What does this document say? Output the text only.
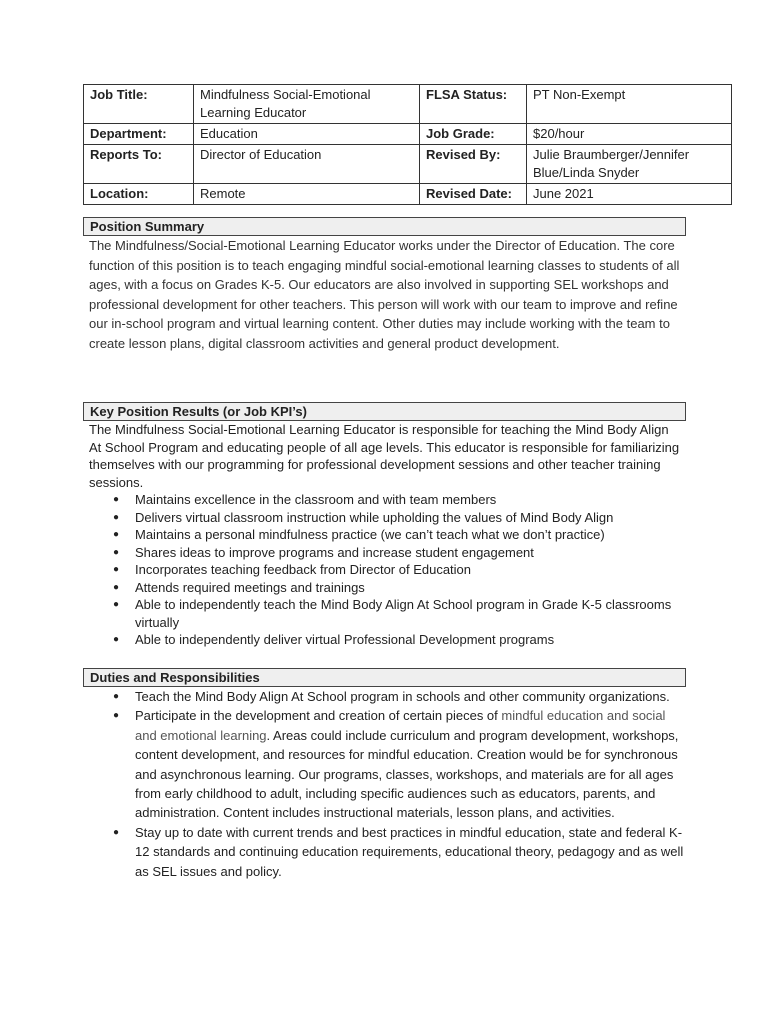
Job Title:	Mindfulness Social-Emotional Learning Educator	FLSA Status:	PT Non-Exempt
Department:	Education	Job Grade:	$20/hour
Reports To:	Director of Education	Revised By:	Julie Braumberger/Jennifer Blue/Linda Snyder
Location:	Remote	Revised Date:	June 2021
Position Summary

The Mindfulness/Social-Emotional Learning Educator works under the Director of Education. The core function of this position is to teach engaging mindful social-emotional learning classes to students of all ages, with a focus on Grades K-5. Our educators are also involved in supporting SEL workshops and professional development for other teachers. This person will work with our team to improve and refine our in-school program and virtual learning content. Other duties may include working with the team to create lesson plans, digital classroom activities and general product development.

Key Position Results (or Job KPI’s)

The Mindfulness Social-Emotional Learning Educator is responsible for teaching the Mind Body Align At School Program and educating people of all age levels. This educator is responsible for familiarizing themselves with our programming for professional development sessions and other teacher training sessions.

● Maintains excellence in the classroom and with team members
● Delivers virtual classroom instruction while upholding the values of Mind Body Align
● Maintains a personal mindfulness practice (we can’t teach what we don’t practice)
● Shares ideas to improve programs and increase student engagement
● Incorporates teaching feedback from Director of Education
● Attends required meetings and trainings
● Able to independently teach the Mind Body Align At School program in Grade K-5 classrooms virtually
● Able to independently deliver virtual Professional Development programs
Duties and Responsibilities
● Teach the Mind Body Align At School program in schools and other community organizations.
● Participate in the development and creation of certain pieces of mindful education and social and emotional learning. Areas could include curriculum and program development, workshops, content development, and resources for mindful education. Creation would be for synchronous and asynchronous learning. Our programs, classes, workshops, and materials are for all ages from early childhood to adult, including specific audiences such as educators, parents, and administration. Content includes instructional materials, lesson plans, and activities.
● Stay up to date with current trends and best practices in mindful education, state and federal K-12 standards and continuing education requirements, educational theory, pedagogy and as well as SEL issues and policy.
